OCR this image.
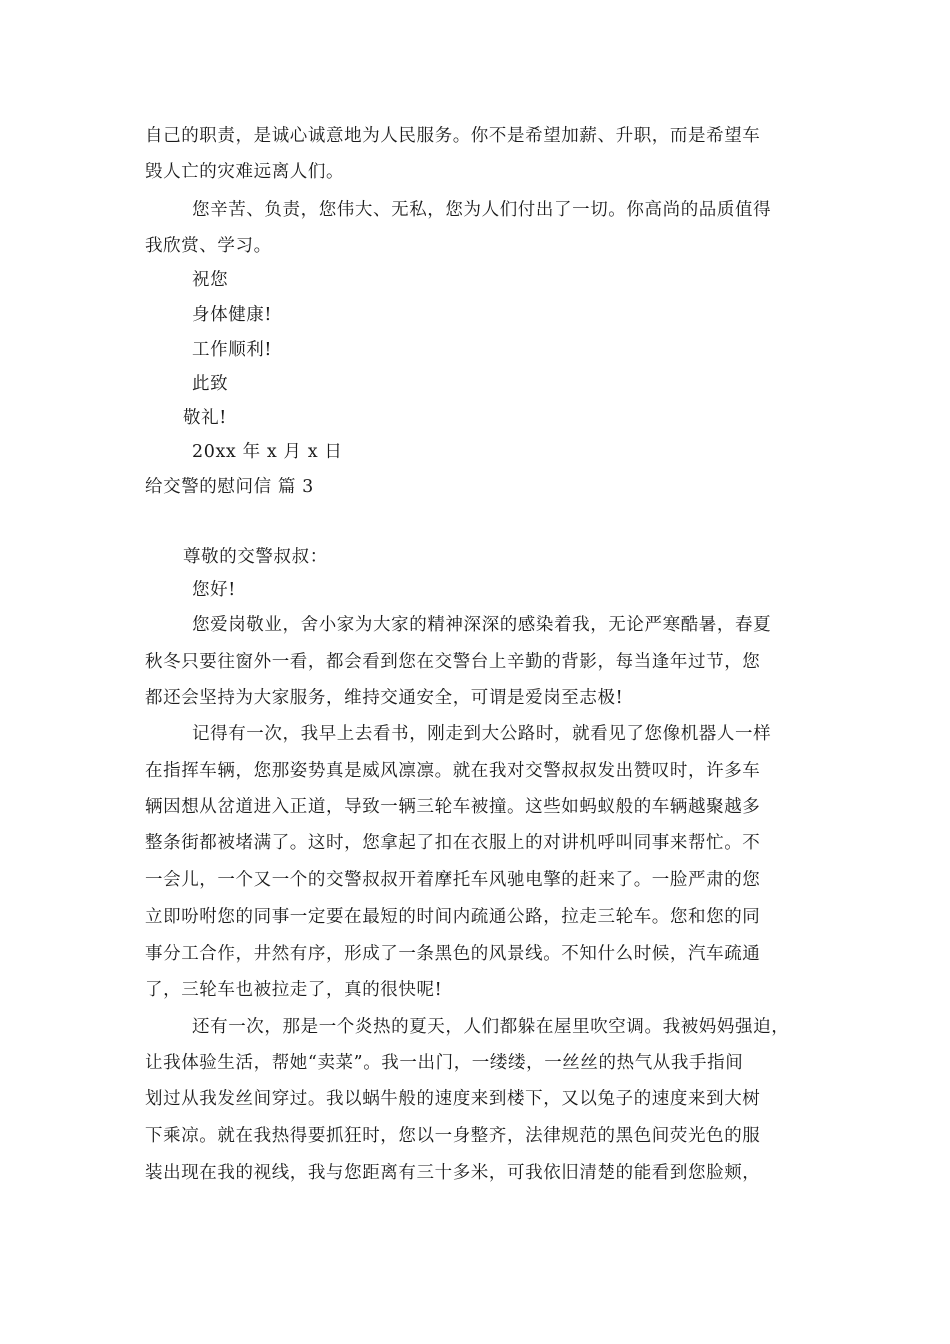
自己的职责，是诚心诚意地为人民服务。你不是希望加薪、升职，而是希望车
毁人亡的灾难远离人们。
您辛苦、负责，您伟大、无私，您为人们付出了一切。你高尚的品质值得
我欣赏、学习。
祝您
身体健康!
工作顺利!
此致
敬礼!
20xx 年 x 月 x 日
给交警的慰问信 篇 3
尊敬的交警叔叔：
您好!
您爱岗敬业，舍小家为大家的精神深深的感染着我，无论严寒酷暑，春夏
秋冬只要往窗外一看，都会看到您在交警台上辛勤的背影，每当逢年过节，您
都还会坚持为大家服务，维持交通安全，可谓是爱岗至志极!
记得有一次，我早上去看书，刚走到大公路时，就看见了您像机器人一样
在指挥车辆，您那姿势真是威风凛凛。就在我对交警叔叔发出赞叹时，许多车
辆因想从岔道进入正道，导致一辆三轮车被撞。这些如蚂蚁般的车辆越聚越多
整条街都被堵满了。这时，您拿起了扣在衣服上的对讲机呼叫同事来帮忙。不
一会儿，一个又一个的交警叔叔开着摩托车风驰电擎的赶来了。一脸严肃的您
立即吩咐您的同事一定要在最短的时间内疏通公路，拉走三轮车。您和您的同
事分工合作，井然有序，形成了一条黑色的风景线。不知什么时候，汽车疏通
了，三轮车也被拉走了，真的很快呢!
还有一次，那是一个炎热的夏天，人们都躲在屋里吹空调。我被妈妈强迫，
让我体验生活，帮她“卖菜”。我一出门，一缕缕，一丝丝的热气从我手指间
划过从我发丝间穿过。我以蜗牛般的速度来到楼下，又以兔子的速度来到大树
下乘凉。就在我热得要抓狂时，您以一身整齐，法律规范的黑色间荧光色的服
装出现在我的视线，我与您距离有三十多米，可我依旧清楚的能看到您脸颊，
